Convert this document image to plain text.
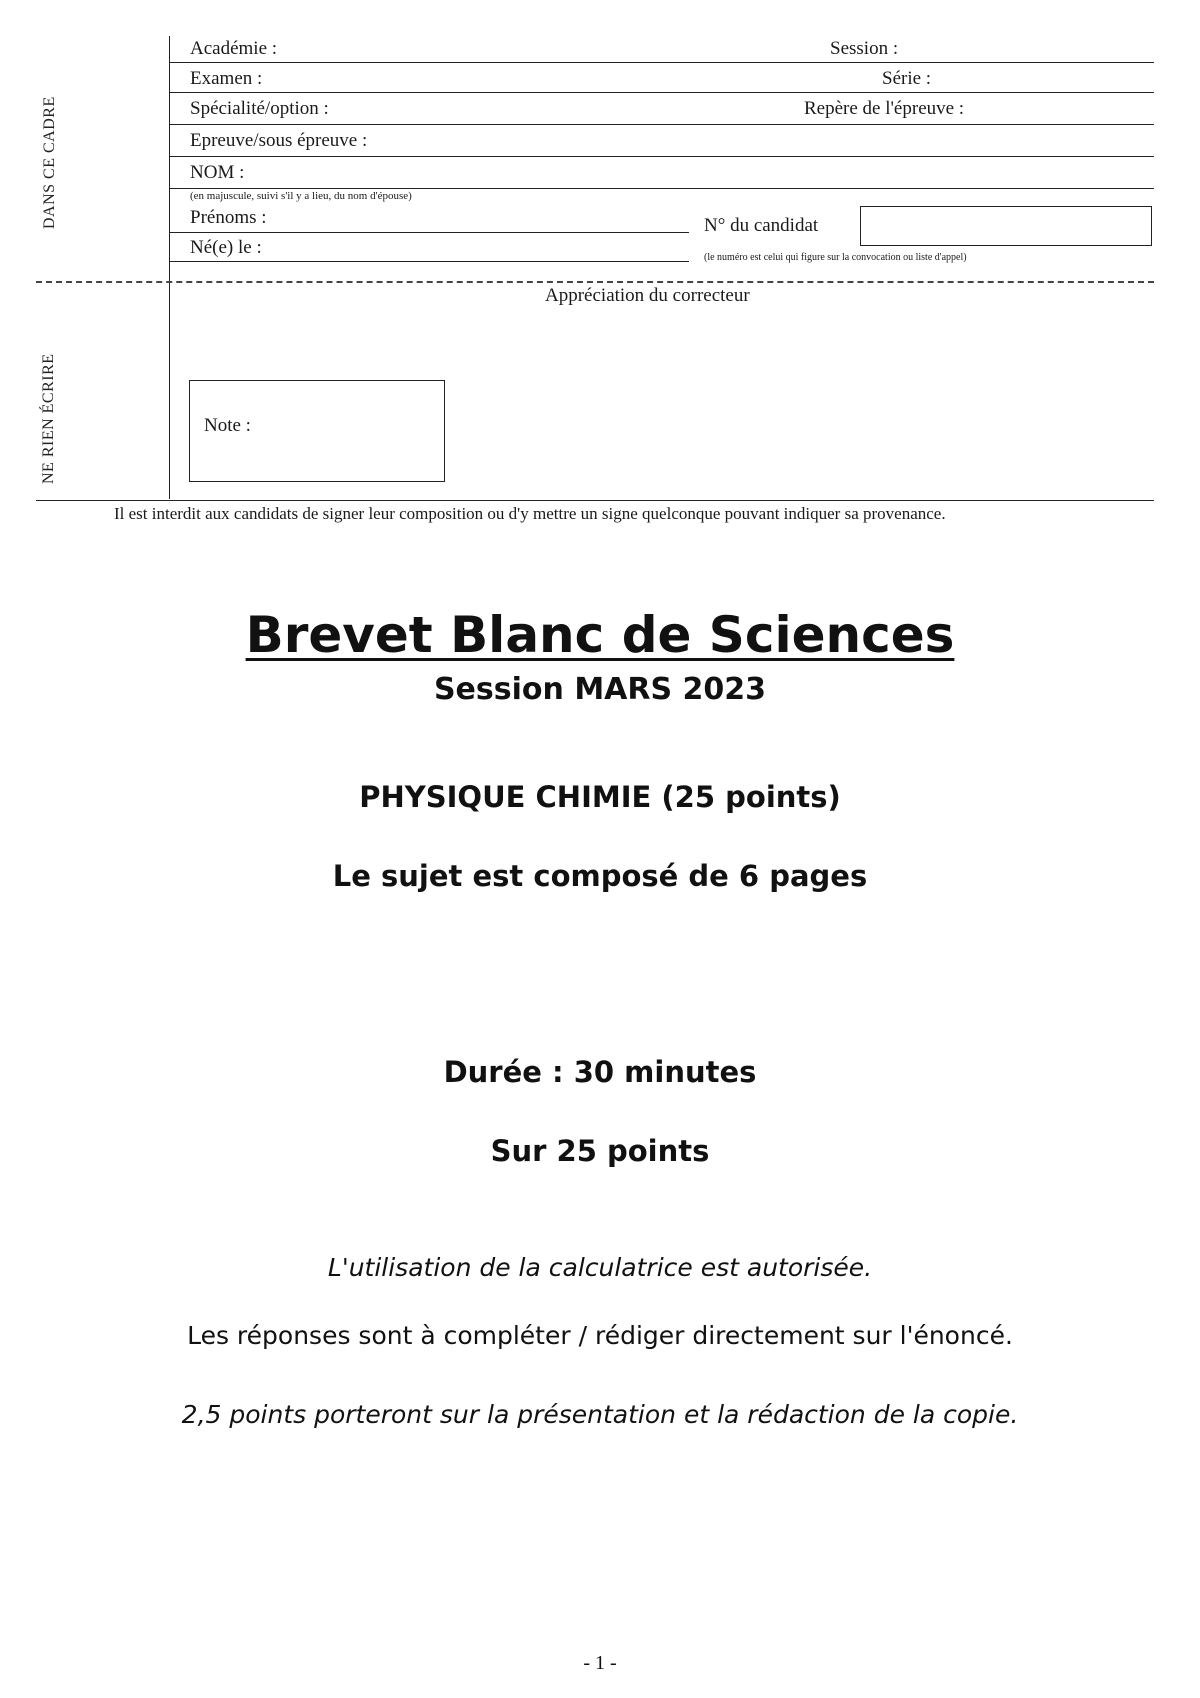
DANS CE CADRE
NE RIEN ÉCRIRE
Académie :	Session :
Examen :	Série :
Spécialité/option :	Repère de l'épreuve :
Epreuve/sous épreuve :
NOM :
(en majuscule, suivi s'il y a lieu, du nom d'épouse)
Prénoms :	N° du candidat
Né(e) le :	(le numéro est celui qui figure sur la convocation ou liste d'appel)
Appréciation du correcteur
Note :
Il est interdit aux candidats de signer leur composition ou d'y mettre un signe quelconque pouvant indiquer sa provenance.
Brevet Blanc de Sciences
Session MARS 2023
PHYSIQUE CHIMIE (25 points)
Le sujet est composé de 6 pages
Durée : 30 minutes
Sur 25 points
L'utilisation de la calculatrice est autorisée.
Les réponses sont à compléter / rédiger directement sur l'énoncé.
2,5 points porteront sur la présentation et la rédaction de la copie.
- 1 -
